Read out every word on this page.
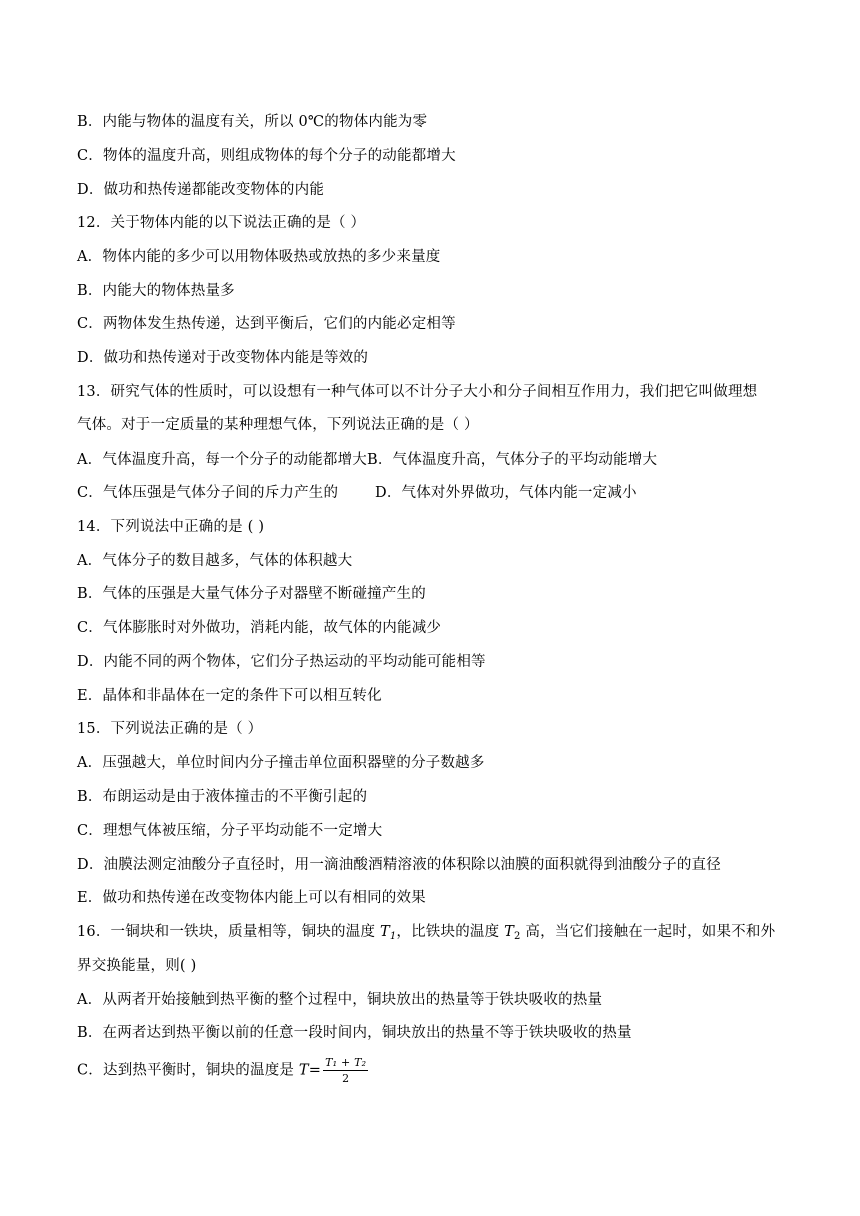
B．内能与物体的温度有关，所以 0℃的物体内能为零
C．物体的温度升高，则组成物体的每个分子的动能都增大
D．做功和热传递都能改变物体的内能
12．关于物体内能的以下说法正确的是（ ）
A．物体内能的多少可以用物体吸热或放热的多少来量度
B．内能大的物体热量多
C．两物体发生热传递，达到平衡后，它们的内能必定相等
D．做功和热传递对于改变物体内能是等效的
13．研究气体的性质时，可以设想有一种气体可以不计分子大小和分子间相互作用力，我们把它叫做理想
气体。对于一定质量的某种理想气体，下列说法正确的是（ ）
A．气体温度升高，每一个分子的动能都增大B．气体温度升高，气体分子的平均动能增大
C．气体压强是气体分子间的斥力产生的	D．气体对外界做功，气体内能一定减小
14．下列说法中正确的是 ( )
A．气体分子的数目越多，气体的体积越大
B．气体的压强是大量气体分子对器壁不断碰撞产生的
C．气体膨胀时对外做功，消耗内能，故气体的内能减少
D．内能不同的两个物体，它们分子热运动的平均动能可能相等
E．晶体和非晶体在一定的条件下可以相互转化
15．下列说法正确的是（ ）
A．压强越大，单位时间内分子撞击单位面积器壁的分子数越多
B．布朗运动是由于液体撞击的不平衡引起的
C．理想气体被压缩，分子平均动能不一定增大
D．油膜法测定油酸分子直径时，用一滴油酸酒精溶液的体积除以油膜的面积就得到油酸分子的直径
E．做功和热传递在改变物体内能上可以有相同的效果
16．一铜块和一铁块，质量相等，铜块的温度 $T_1$，比铁块的温度 $T_2$ 高，当它们接触在一起时，如果不和外
界交换能量，则( )
A．从两者开始接触到热平衡的整个过程中，铜块放出的热量等于铁块吸收的热量
B．在两者达到热平衡以前的任意一段时间内，铜块放出的热量不等于铁块吸收的热量
C．达到热平衡时，铜块的温度是 $T= \frac{\text{T₁ + T₂}}{2}$
